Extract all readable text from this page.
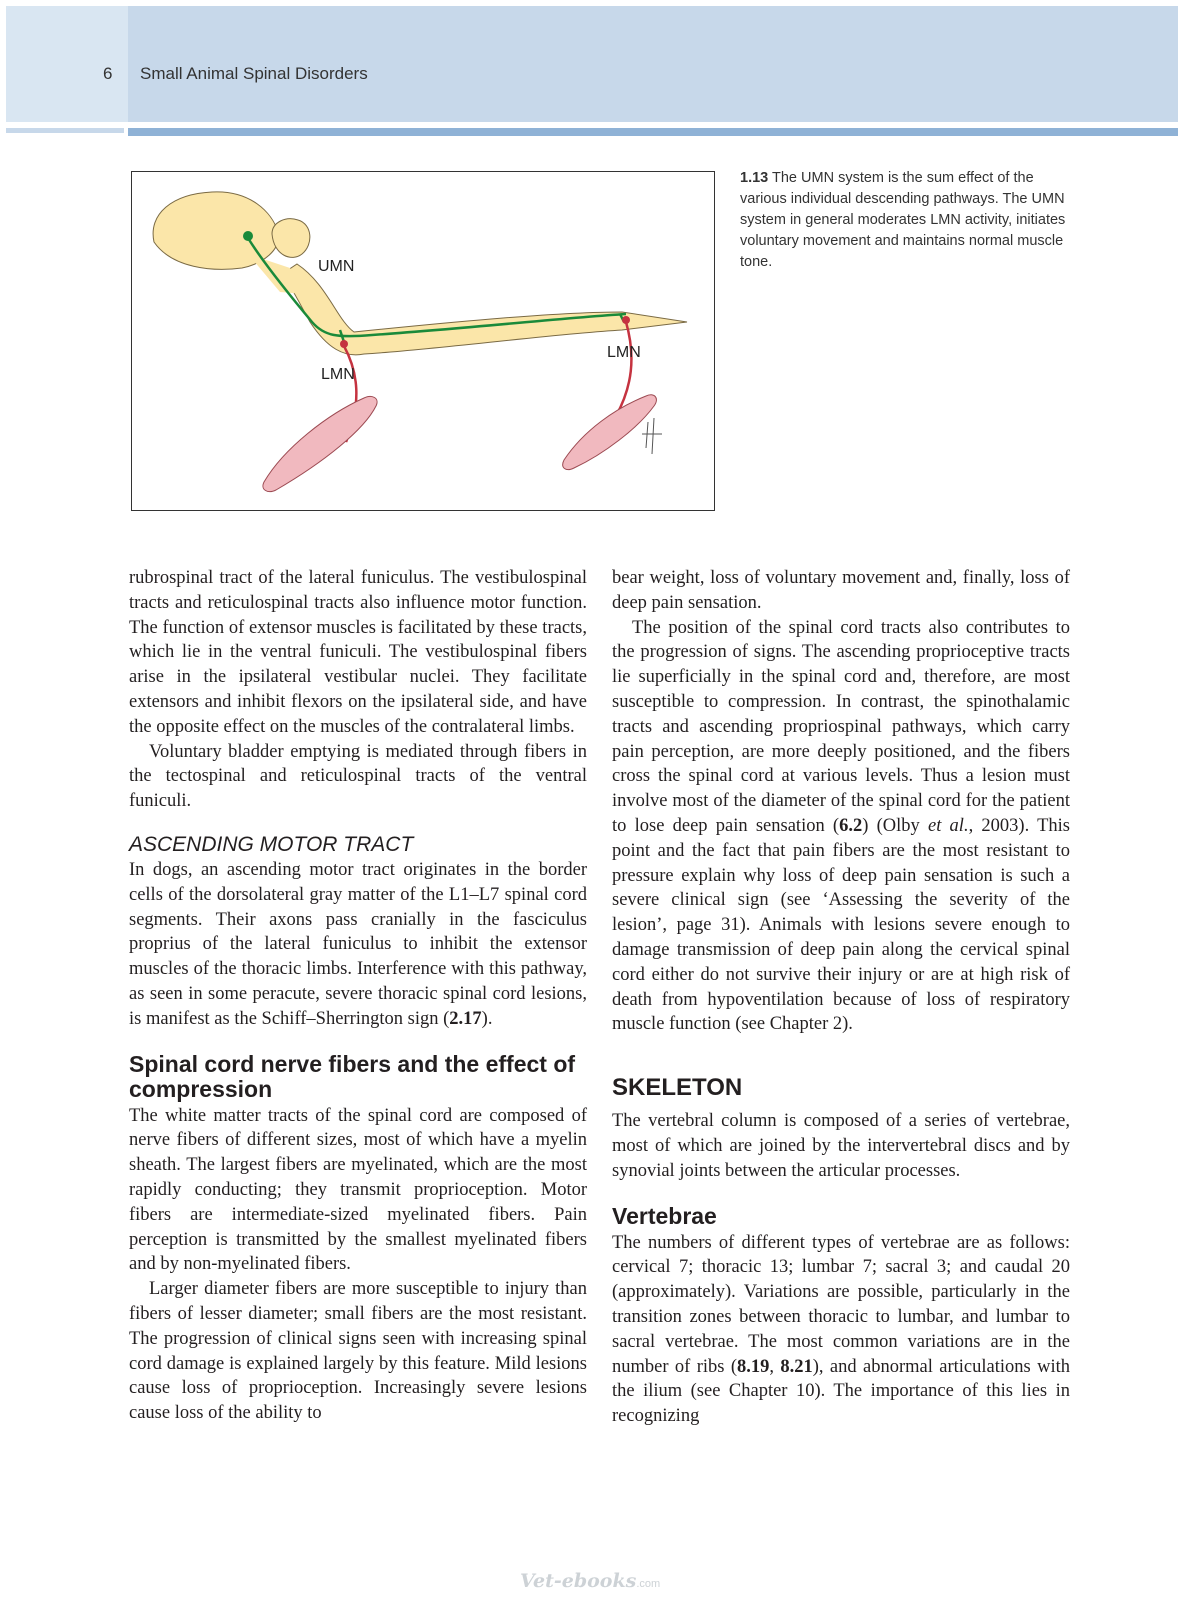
6 Small Animal Spinal Disorders
UMN
LMN
LMN
1.13 The UMN system is the sum effect of the various individual descending pathways. The UMN system in general moderates LMN activity, initiates voluntary movement and maintains normal muscle tone.

rubrospinal tract of the lateral funiculus. The vestibulospinal tracts and reticulospinal tracts also influence motor function. The function of extensor muscles is facilitated by these tracts, which lie in the ventral funiculi. The vestibulospinal fibers arise in the ipsilateral vestibular nuclei. They facilitate extensors and inhibit flexors on the ipsilateral side, and have the opposite effect on the muscles of the contralateral limbs.

Voluntary bladder emptying is mediated through fibers in the tectospinal and reticulospinal tracts of the ventral funiculi.

ASCENDING MOTOR TRACT

In dogs, an ascending motor tract originates in the border cells of the dorsolateral gray matter of the L1–L7 spinal cord segments. Their axons pass cranially in the fasciculus proprius of the lateral funiculus to inhibit the extensor muscles of the thoracic limbs. Interference with this pathway, as seen in some peracute, severe thoracic spinal cord lesions, is manifest as the Schiff–Sherrington sign (2.17).

Spinal cord nerve fibers and the effect of compression

The white matter tracts of the spinal cord are composed of nerve fibers of different sizes, most of which have a myelin sheath. The largest fibers are myelinated, which are the most rapidly conducting; they transmit proprioception. Motor fibers are intermediate-sized myelinated fibers. Pain perception is transmitted by the smallest myelinated fibers and by non-myelinated fibers.

Larger diameter fibers are more susceptible to injury than fibers of lesser diameter; small fibers are the most resistant. The progression of clinical signs seen with increasing spinal cord damage is explained largely by this feature. Mild lesions cause loss of proprioception. Increasingly severe lesions cause loss of the ability to

bear weight, loss of voluntary movement and, finally, loss of deep pain sensation.

The position of the spinal cord tracts also contributes to the progression of signs. The ascending proprioceptive tracts lie superficially in the spinal cord and, therefore, are most susceptible to compression. In contrast, the spinothalamic tracts and ascending propriospinal pathways, which carry pain perception, are more deeply positioned, and the fibers cross the spinal cord at various levels. Thus a lesion must involve most of the diameter of the spinal cord for the patient to lose deep pain sensation (6.2) (Olby et al., 2003). This point and the fact that pain fibers are the most resistant to pressure explain why loss of deep pain sensation is such a severe clinical sign (see ‘Assessing the severity of the lesion’, page 31). Animals with lesions severe enough to damage transmission of deep pain along the cervical spinal cord either do not survive their injury or are at high risk of death from hypoventilation because of loss of respiratory muscle function (see Chapter 2).

SKELETON

The vertebral column is composed of a series of vertebrae, most of which are joined by the intervertebral discs and by synovial joints between the articular processes.

Vertebrae

The numbers of different types of vertebrae are as follows: cervical 7; thoracic 13; lumbar 7; sacral 3; and caudal 20 (approximately). Variations are possible, particularly in the transition zones between thoracic to lumbar, and lumbar to sacral vertebrae. The most common variations are in the number of ribs (8.19, 8.21), and abnormal articulations with the ilium (see Chapter 10). The importance of this lies in recognizing

Vet-ebooks.com
